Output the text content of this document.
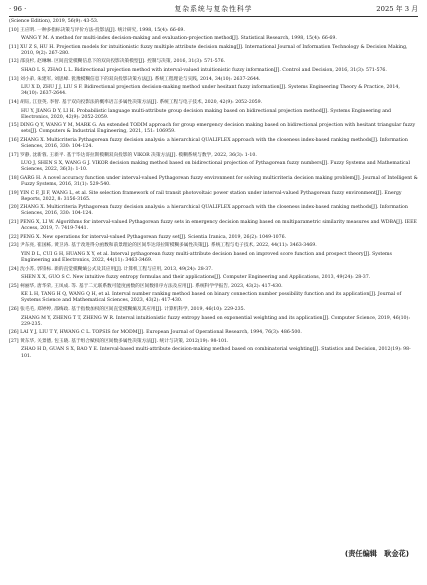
· 96 ·	复杂系统与复杂性科学	2025 年 3 月
(Science Edition), 2019, 56(9): 43-53.
[10] 王应明. 一种多指标决策与评价方法-投影法[J]. 统计研究, 1998, 15(4): 66-69.
WANG Y M. A method for multi-index decision-making and evaluation-projection method[J]. Statistical Research, 1998, 15(4): 66-69.
[11] XU Z S, HU H. Projection models for intuitionistic fuzzy multiple attribute decision making[J]. International Journal of Information Technology & Decision Making, 2010, 9(2): 267-280.
[12] 邵良杉, 赵琳琳. 区间直觉模糊信息下的双向投影决策模型[J]. 控制与决策, 2016, 31(3): 571-576.
SHAO L S, ZHAO L L. Bidirectional projection method with interval-valued intuitionistic fuzzy information[J]. Control and Decision, 2016, 31(3): 571-576.
[13] 刘小弟, 朱建军, 刘思峰. 犹豫模糊信息下的双向投影决策方法[J]. 系统工程理论与实践, 2014, 34(10): 2637-2644.
LIU X D, ZHU J J, LIU S F. Bidirectional projection decision-making method under hesitant fuzzy information[J]. Systems Engineering Theory & Practice, 2014, 34(10): 2637-2644.
[14] 胡钰, 江登英, 李智. 基于双向投影法的概率语言多属性决策方法[J]. 系统工程与电子技术, 2020, 42(9): 2052-2059.
HU Y, JIANG D Y, LI H. Probabilistic language multi-attribute group decision making based on bidirectional projection method[J]. Systems Engineering and Electronics, 2020, 42(9): 2052-2059.
[15] DING Q Y, WANG Y M, MARK G. An extended TODIM approach for group emergency decision making based on bidirectional projection with hesitant triangular fuzzy sets[J]. Computers & Industrial Engineering, 2021, 151: 106959.
[16] ZHANG X. Multicriteria Pythagorean fuzzy decision analysis: a hierarchical QUALIFLEX approach with the closeness index-based ranking methods[J]. Information Sciences, 2016, 330: 104-124.
[17] 罗静, 沈新蓉, 王新平. 基于毕达哥拉斯模糊双向投影的 VIKOR 决策方法[J]. 模糊系统与数学, 2022, 36(3): 1-10.
LUO J, SHEN S X, WANG G J. VIKOR decision making method based on bidirectional projection of Pythagorean fuzzy numbers[J]. Fuzzy Systems and Mathematical Sciences, 2022, 36(3): 1-10.
[18] GARG H. A novel accuracy function under interval-valued Pythagorean fuzzy environment for solving multicriteria decision making problem[J]. Journal of Intelligent & Fuzzy Systems, 2016, 31(1): 529-540.
[19] YIN C F, JI F, WANG L, et al. Site selection framework of rail transit photovoltaic power station under interval-valued Pythagorean fuzzy environment[J]. Energy Reports, 2022, 8: 3156-3165.
[20] ZHANG X. Multicriteria Pythagorean fuzzy decision analysis: a hierarchical QUALIFLEX approach with the closeness index-based ranking methods[J]. Information Sciences, 2016, 330: 104-124.
[21] PENG X, LI W. Algorithms for interval-valued Pythagorean fuzzy sets in emergency decision making based on multiparametric similarity measures and WDBA[J]. IEEE Access, 2019, 7: 7419-7441.
[22] PENG X. New operations for interval-valued Pythagorean fuzzy set[J]. Scientia Iranica, 2019, 26(2): 1049-1076.
[23] 尹东亮, 崔国栋, 黄卫涛. 基于改进得分函数和前景理论的区间毕达哥拉斯模糊多属性决策[J]. 系统工程与电子技术, 2022, 44(11): 3463-3469.
YIN D L, CUI G H, HUANG X Y, et al. Interval pythagorean fuzzy multi-attribute decision based on improved score function and prospect theory[J]. Systems Engineering and Electronics, 2022, 44(11): 3463-3469.
[24] 沈小苏, 郭崇标. 新的直觉模糊熵公式及其应用[J]. 计算机工程与应用, 2013, 49(24): 28-37.
SHEN X X, GUO S C. New intuitive fuzzy entropy formulas and their applications[J]. Computer Engineering and Applications, 2013, 49(24): 28-37.
[25] 柯丽华, 唐华荣, 王凤成. 等. 基于二元联系数可能度函数的区间数排序方法及应用[J]. 系统科学学报告, 2023, 43(2): 417-430.
KE L H, TANG H Q, WANG Q H, et al. Interval number ranking method based on binary connection number possibility function and its application[J]. Journal of Systems Science and Mathematical Sciences, 2023, 43(2): 417-430.
[26] 张毛毛, 郑婷婷, 邵梅政. 基于指数加权的区间直觉模糊熵及其应用[J]. 计算机科学, 2019, 46(10): 229-235.
ZHANG M Y, ZHENG T T, ZHENG W R. Interval intuitionistic fuzzy entropy based on exponential weighting and its application[J]. Computer Science, 2019, 46(10): 229-235.
[26] LAI Y J, LIU T Y, HWANG C L. TOPSIS for MODM[J]. European Journal of Operational Research, 1994, 76(3): 486-500.
[27] 黄东华, 关景德, 包玉晓. 基于组合赋权的区间数多属性决策方法[J]. 统计与决策, 2012(19): 98-101.
ZHAO H D, GUAN S X, BAO Y E. Interval-based multi-attribute decision-making method based on combinatorial weighting[J]. Statistics and Decision, 2012(19): 98-101.
(责任编辑　耿金花)
